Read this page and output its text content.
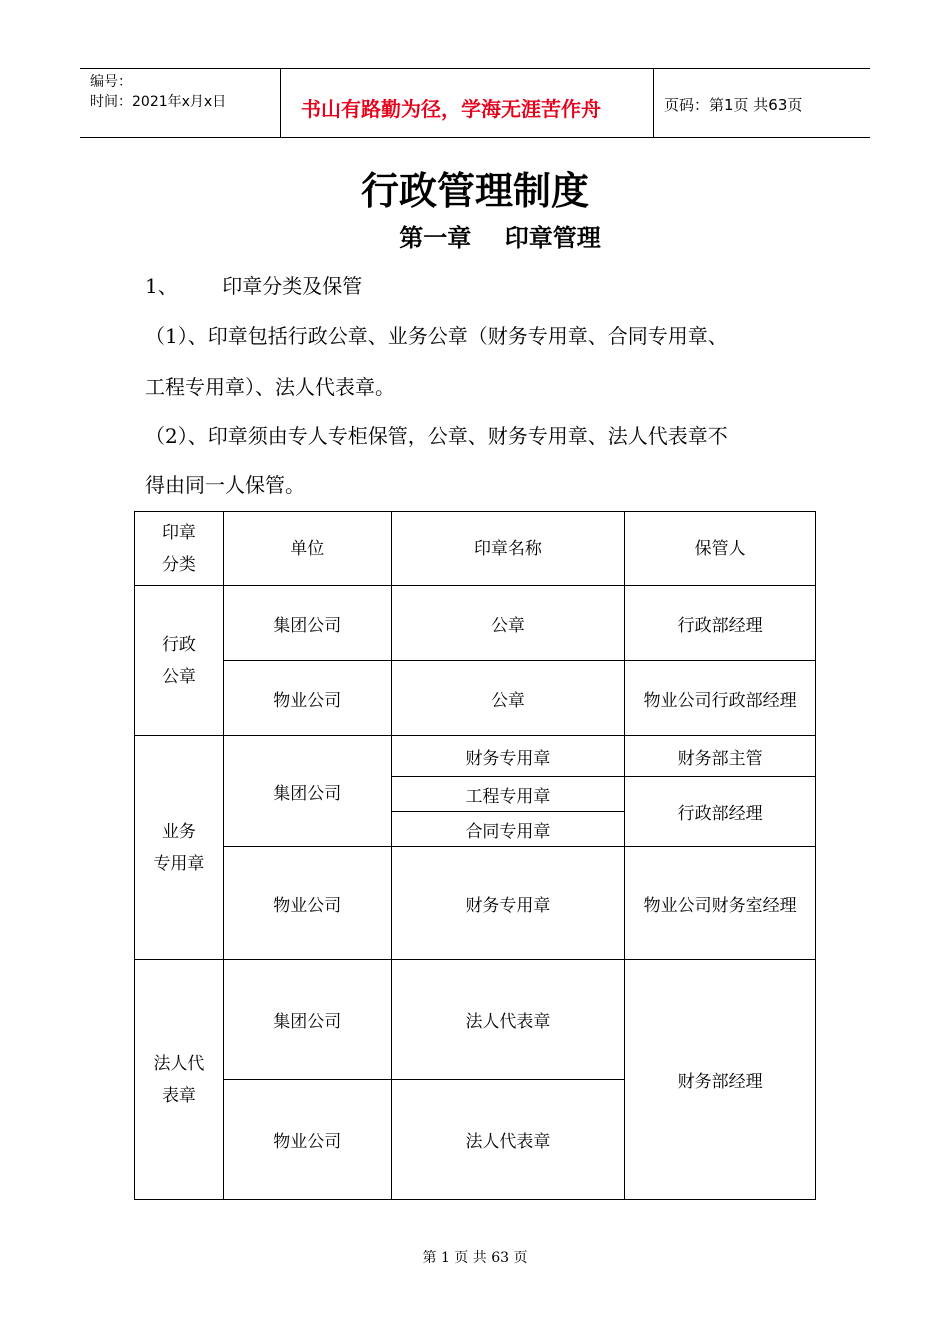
编号：
时间：2021年x月x日	书山有路勤为径，学海无涯苦作舟	页码：第1页 共63页
行政管理制度
第一章    印章管理
1、       印章分类及保管
（1）、印章包括行政公章、业务公章（财务专用章、合同专用章、
工程专用章）、法人代表章。
（2）、印章须由专人专柜保管，公章、财务专用章、法人代表章不
得由同一人保管。
印章
分类	单位	印章名称	保管人
行政
公章	集团公司	公章	行政部经理
	物业公司	公章	物业公司行政部经理
业务
专用章	集团公司	财务专用章	财务部主管
		工程专用章	行政部经理
		合同专用章	
	物业公司	财务专用章	物业公司财务室经理
法人代
表章	集团公司	法人代表章	财务部经理
	物业公司	法人代表章	
第 1 页 共 63 页
